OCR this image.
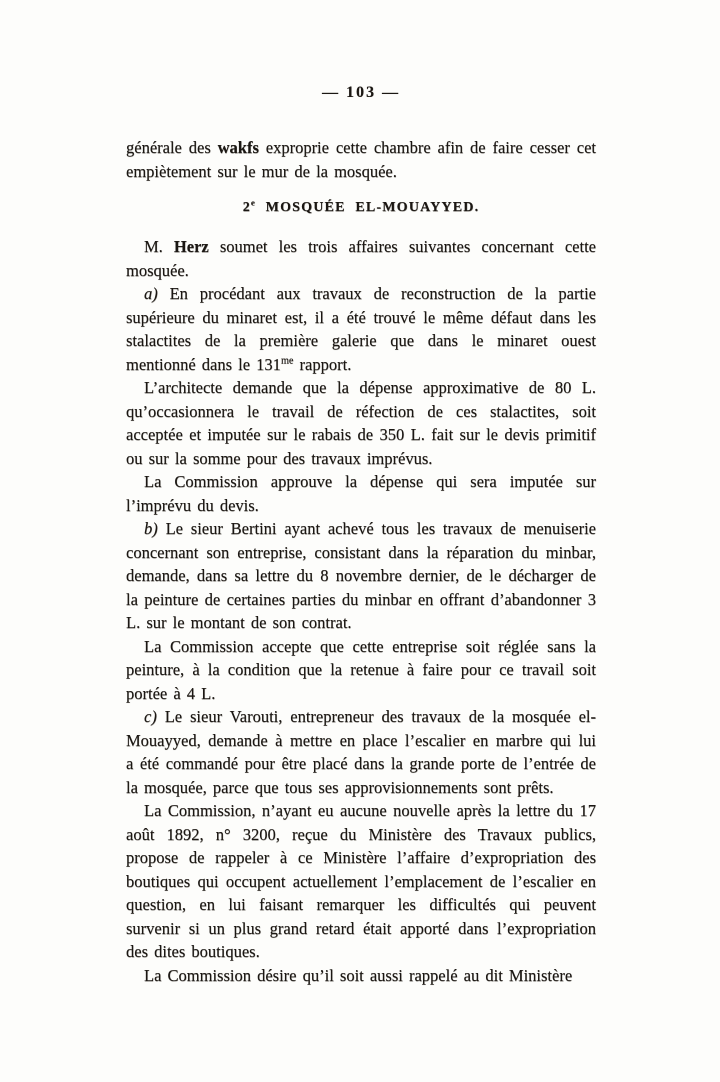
— 103 —

générale des wakfs exproprie cette chambre afin de faire cesser cet empiètement sur le mur de la mosquée.

2e MOSQUÉE EL-MOUAYYED.

M. Herz soumet les trois affaires suivantes concernant cette mosquée.

a) En procédant aux travaux de reconstruction de la partie supérieure du minaret est, il a été trouvé le même défaut dans les stalactites de la première galerie que dans le minaret ouest mentionné dans le $131^{me}$ rapport.

L’architecte demande que la dépense approximative de 80 L. qu’occasionnera le travail de réfection de ces stalactites, soit acceptée et imputée sur le rabais de 350 L. fait sur le devis primitif ou sur la somme pour des travaux imprévus.

La Commission approuve la dépense qui sera imputée sur l’imprévu du devis.

b) Le sieur Bertini ayant achevé tous les travaux de menuiserie concernant son entreprise, consistant dans la réparation du minbar, demande, dans sa lettre du 8 novembre dernier, de le décharger de la peinture de certaines parties du minbar en offrant d’abandonner 3 L. sur le montant de son contrat.

La Commission accepte que cette entreprise soit réglée sans la peinture, à la condition que la retenue à faire pour ce travail soit portée à 4 L.

c) Le sieur Varouti, entrepreneur des travaux de la mosquée el-Mouayyed, demande à mettre en place l’escalier en marbre qui lui a été commandé pour être placé dans la grande porte de l’entrée de la mosquée, parce que tous ses approvisionnements sont prêts.

La Commission, n’ayant eu aucune nouvelle après la lettre du 17 août 1892, n° 3200, reçue du Ministère des Travaux publics, propose de rappeler à ce Ministère l’affaire d’expropriation des boutiques qui occupent actuellement l’emplacement de l’escalier en question, en lui faisant remarquer les difficultés qui peuvent survenir si un plus grand retard était apporté dans l’expropriation des dites boutiques.

La Commission désire qu’il soit aussi rappelé au dit Ministère
